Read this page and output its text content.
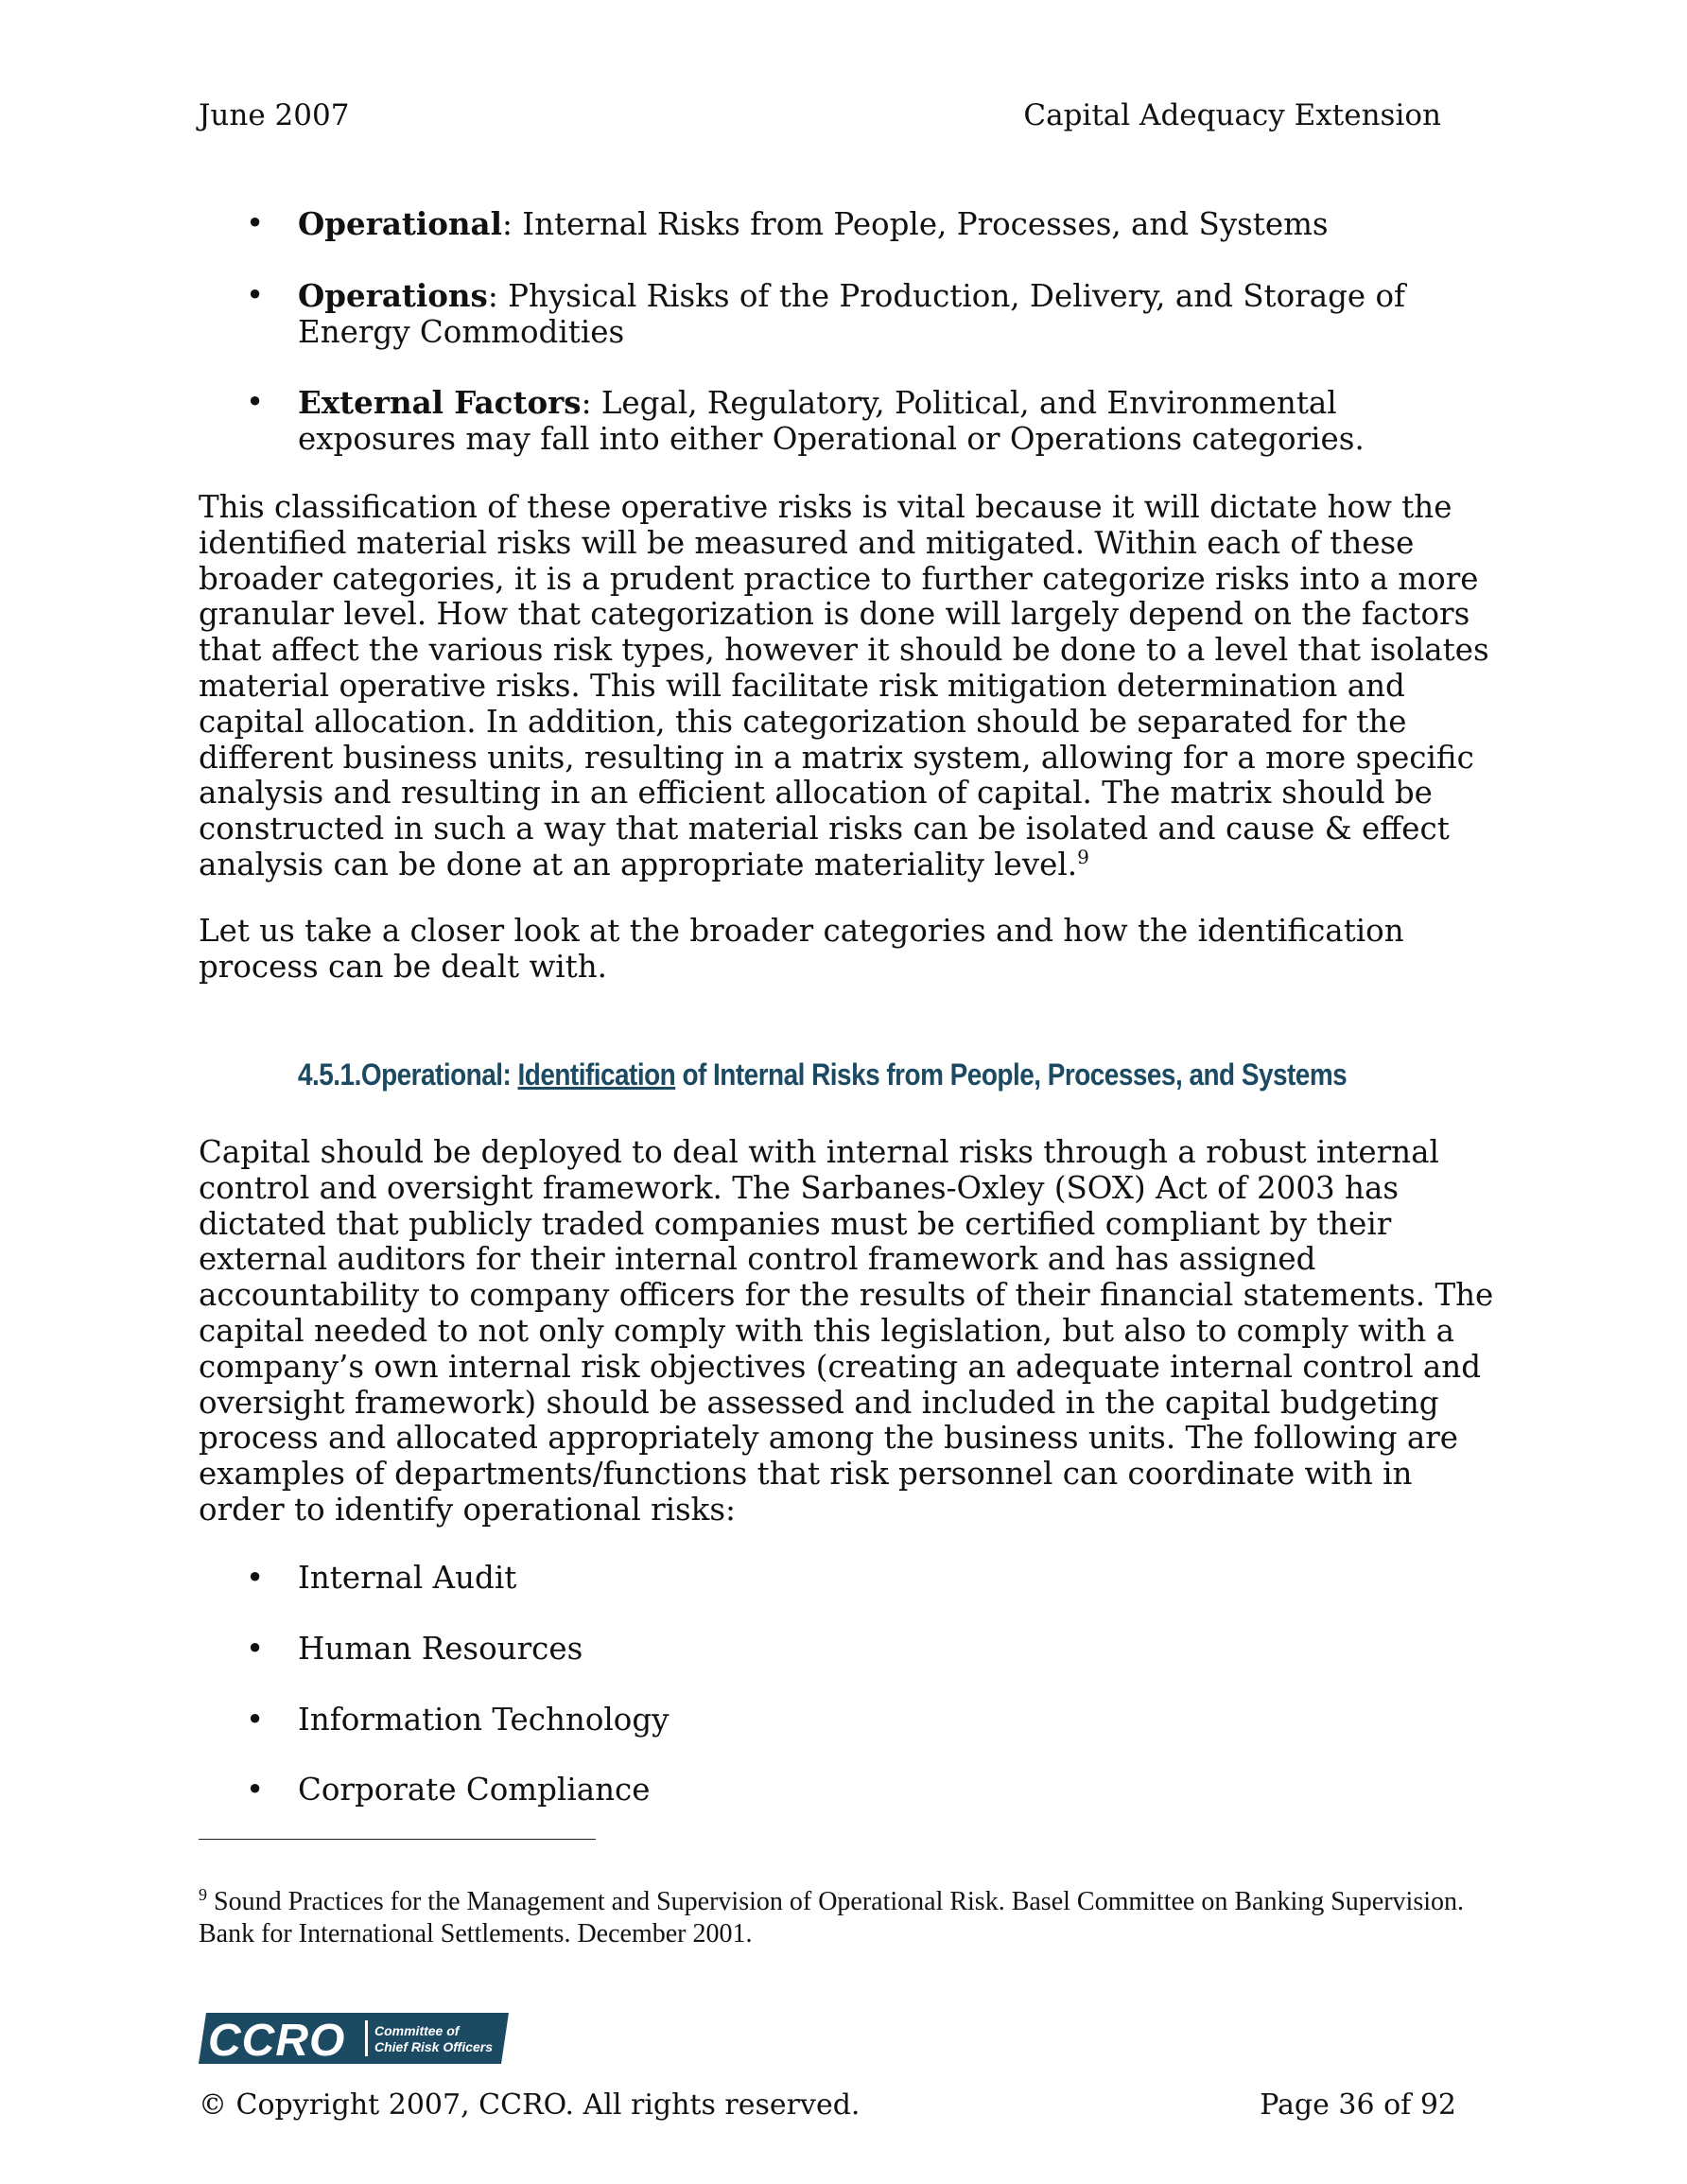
June 2007	Capital Adequacy Extension
• Operational: Internal Risks from People, Processes, and Systems
• Operations: Physical Risks of the Production, Delivery, and Storage of Energy Commodities
• External Factors: Legal, Regulatory, Political, and Environmental exposures may fall into either Operational or Operations categories.

This classification of these operative risks is vital because it will dictate how the identified material risks will be measured and mitigated. Within each of these broader categories, it is a prudent practice to further categorize risks into a more granular level. How that categorization is done will largely depend on the factors that affect the various risk types, however it should be done to a level that isolates material operative risks. This will facilitate risk mitigation determination and capital allocation. In addition, this categorization should be separated for the different business units, resulting in a matrix system, allowing for a more specific analysis and resulting in an efficient allocation of capital. The matrix should be constructed in such a way that material risks can be isolated and cause & effect analysis can be done at an appropriate materiality level.$^9$

Let us take a closer look at the broader categories and how the identification process can be dealt with.

4.5.1.Operational: Identification of Internal Risks from People, Processes, and Systems

Capital should be deployed to deal with internal risks through a robust internal control and oversight framework. The Sarbanes-Oxley (SOX) Act of 2003 has dictated that publicly traded companies must be certified compliant by their external auditors for their internal control framework and has assigned accountability to company officers for the results of their financial statements. The capital needed to not only comply with this legislation, but also to comply with a company’s own internal risk objectives (creating an adequate internal control and oversight framework) should be assessed and included in the capital budgeting process and allocated appropriately among the business units. The following are examples of departments/functions that risk personnel can coordinate with in order to identify operational risks:

• Internal Audit
• Human Resources
• Information Technology
• Corporate Compliance
$^9$ Sound Practices for the Management and Supervision of Operational Risk. Basel Committee on Banking Supervision. Bank for International Settlements. December 2001.
CCRO Committee of
Chief Risk Officers
© Copyright 2007, CCRO. All rights reserved.	Page 36 of 92
